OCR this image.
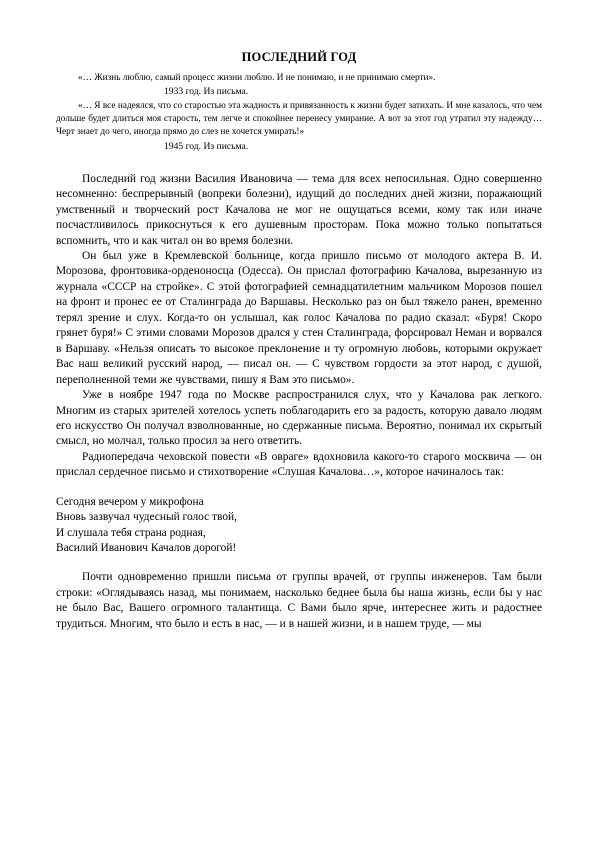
ПОСЛЕДНИЙ ГОД

«… Жизнь люблю, самый процесс жизни люблю. И не понимаю, и не принимаю смерти».

1933 год. Из письма.

«… Я все надеялся, что со старостью эта жадность и привязанность к жизни будет затихать. И мне казалось, что чем дольше будет длиться моя старость, тем легче и спокойнее перенесу умирание. А вот за этот год утратил эту надежду… Черт знает до чего, иногда прямо до слез не хочется умирать!»

1945 год. Из письма.

Последний год жизни Василия Ивановича — тема для всех непосильная. Одно совершенно несомненно: беспрерывный (вопреки болезни), идущий до последних дней жизни, поражающий умственный и творческий рост Качалова не мог не ощущаться всеми, кому так или иначе посчастливилось прикоснуться к его душевным просторам. Пока можно только попытаться вспомнить, что и как читал он во время болезни.

Он был уже в Кремлевской больнице, когда пришло письмо от молодого актера В. И. Морозова, фронтовика-орденоносца (Одесса). Он прислал фотографию Качалова, вырезанную из журнала «СССР на стройке». С этой фотографией семнадцатилетним мальчиком Морозов пошел на фронт и пронес ее от Сталинграда до Варшавы. Несколько раз он был тяжело ранен, временно терял зрение и слух. Когда-то он услышал, как голос Качалова по радио сказал: «Буря! Скоро грянет буря!» С этими словами Морозов дрался у стен Сталинграда, форсировал Неман и ворвался в Варшаву. «Нельзя описать то высокое преклонение и ту огромную любовь, которыми окружает Вас наш великий русский народ, — писал он. — С чувством гордости за этот народ, с душой, переполненной теми же чувствами, пишу я Вам это письмо».

Уже в ноябре 1947 года по Москве распространился слух, что у Качалова рак легкого. Многим из старых зрителей хотелось успеть поблагодарить его за радость, которую давало людям его искусство Он получал взволнованные, но сдержанные письма. Вероятно, понимал их скрытый смысл, но молчал, только просил за него ответить.

Радиопередача чеховской повести «В овраге» вдохновила какого-то старого москвича — он прислал сердечное письмо и стихотворение «Слушая Качалова…», которое начиналось так:

Сегодня вечером у микрофона
Вновь зазвучал чудесный голос твой,
И слушала тебя страна родная,
Василий Иванович Качалов дорогой!

Почти одновременно пришли письма от группы врачей, от группы инженеров. Там были строки: «Оглядываясь назад, мы понимаем, насколько беднее была бы наша жизнь, если бы у нас не было Вас, Вашего огромного талантища. С Вами было ярче, интереснее жить и радостнее трудиться. Многим, что было и есть в нас, — и в нашей жизни, и в нашем труде, — мы
